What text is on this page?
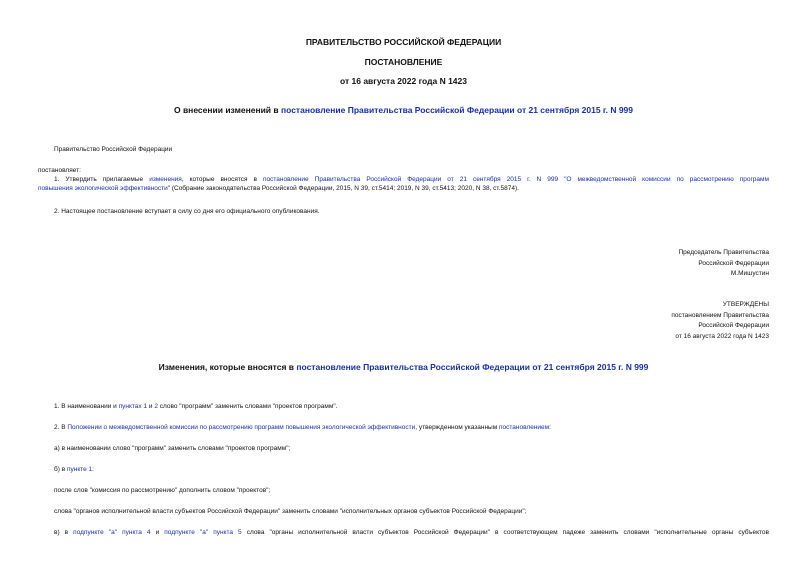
ПРАВИТЕЛЬСТВО РОССИЙСКОЙ ФЕДЕРАЦИИ
ПОСТАНОВЛЕНИЕ
от 16 августа 2022 года N 1423
О внесении изменений в постановление Правительства Российской Федерации от 21 сентября 2015 г. N 999
Правительство Российской Федерации
постановляет:
1. Утвердить прилагаемые изменения, которые вносятся в постановление Правительства Российской Федерации от 21 сентября 2015 г. N 999 "О межведомственной комиссии по рассмотрению программ
повышения экологической эффективности" (Собрание законодательства Российской Федерации, 2015, N 39, ст.5414; 2019, N 39, ст.5413; 2020, N 38, ст.5874).
2. Настоящее постановление вступает в силу со дня его официального опубликования.
Председатель Правительства
Российской Федерации
М.Мишустин
УТВЕРЖДЕНЫ
постановлением Правительства
Российской Федерации
от 16 августа 2022 года N 1423
Изменения, которые вносятся в постановление Правительства Российской Федерации от 21 сентября 2015 г. N 999
1. В наименовании и пунктах 1 и 2 слово "программ" заменить словами "проектов программ".
2. В Положении о межведомственной комиссии по рассмотрению программ повышения экологической эффективности, утвержденном указанным постановлением:
а) в наименовании слово "программ" заменить словами "проектов программ";
б) в пункте 1:
после слов "комиссия по рассмотрению" дополнить словом "проектов";
слова "органов исполнительной власти субъектов Российской Федерации" заменить словами "исполнительных органов субъектов Российской Федерации";
в) в подпункте "а" пункта 4 и подпункте "а" пункта 5 слова "органы исполнительной власти субъектов Российской Федерации" в соответствующем падеже заменить словами "исполнительные органы субъектов
